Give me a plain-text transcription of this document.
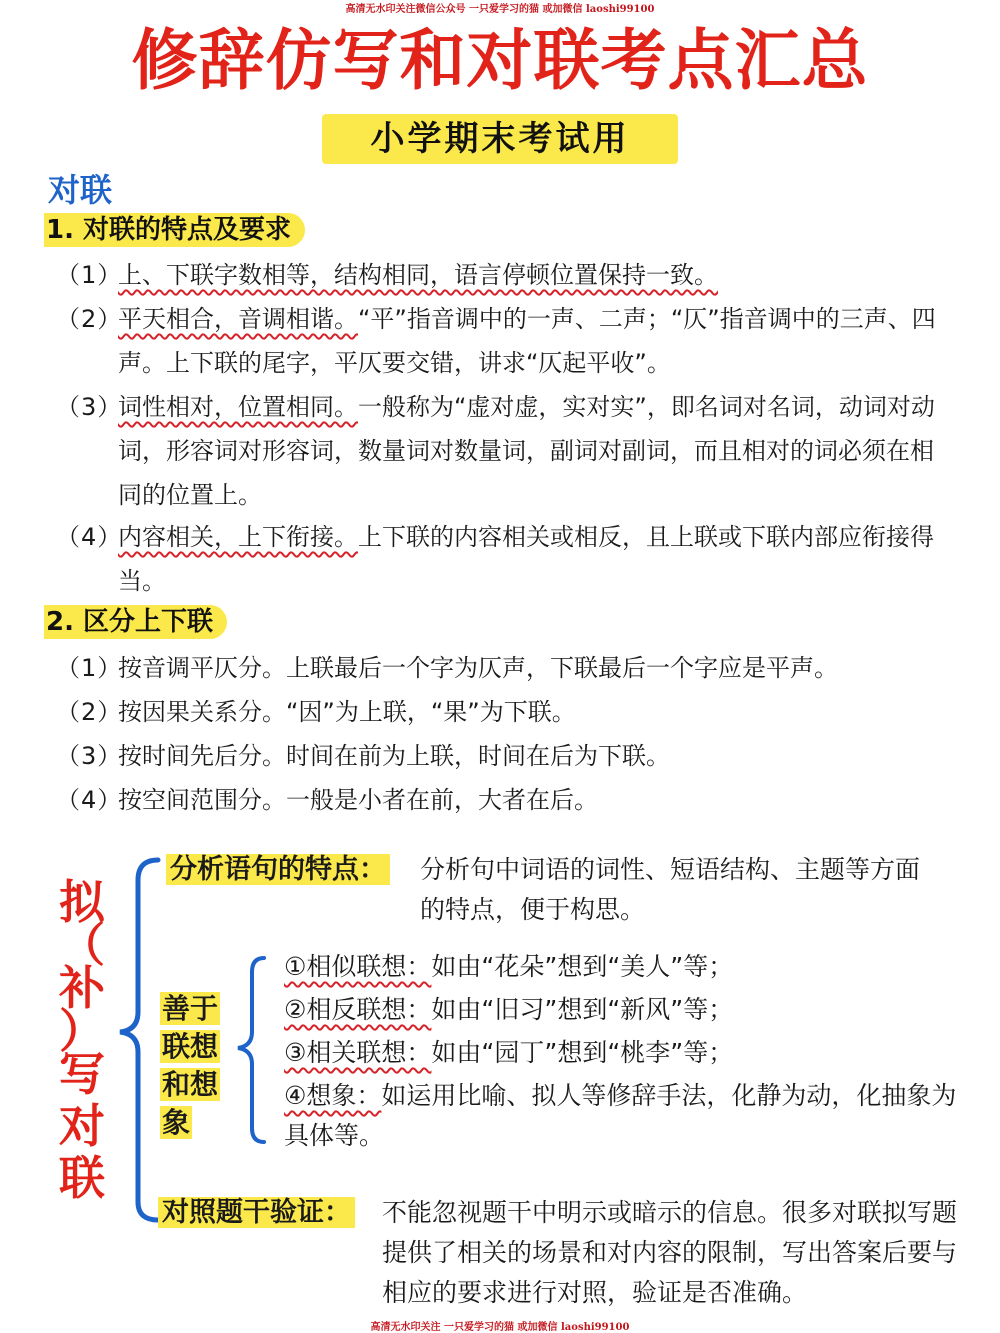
高清无水印关注微信公众号 一只爱学习的猫 或加微信 laoshi99100
修辞仿写和对联考点汇总
小学期末考试用
对联
1. 对联的特点及要求
（1）上、下联字数相等，结构相同，语言停顿位置保持一致。
（2）平天相合，音调相谐。“平”指音调中的一声、二声；“仄”指音调中的三声、四声。上下联的尾字，平仄要交错，讲求“仄起平收”。
（3）词性相对，位置相同。一般称为“虚对虚，实对实”，即名词对名词，动词对动词，形容词对形容词，数量词对数量词，副词对副词，而且相对的词必须在相同的位置上。
（4）内容相关，上下衔接。上下联的内容相关或相反，且上联或下联内部应衔接得当。
2. 区分上下联
（1）按音调平仄分。上联最后一个字为仄声，下联最后一个字应是平声。
（2）按因果关系分。“因”为上联，“果”为下联。
（3）按时间先后分。时间在前为上联，时间在后为下联。
（4）按空间范围分。一般是小者在前，大者在后。
拟
（
补
）
写
对
联
分析语句的特点： 分析句中词语的词性、短语结构、主题等方面的特点，便于构思。
善于
联想
和想
象
①相似联想：如由“花朵”想到“美人”等；
②相反联想：如由“旧习”想到“新风”等；
③相关联想：如由“园丁”想到“桃李”等；
④想象：如运用比喻、拟人等修辞手法，化静为动，化抽象为具体等。
对照题干验证： 不能忽视题干中明示或暗示的信息。很多对联拟写题提供了相关的场景和对内容的限制，写出答案后要与相应的要求进行对照，验证是否准确。
高清无水印关注 一只爱学习的猫 或加微信 laoshi99100
